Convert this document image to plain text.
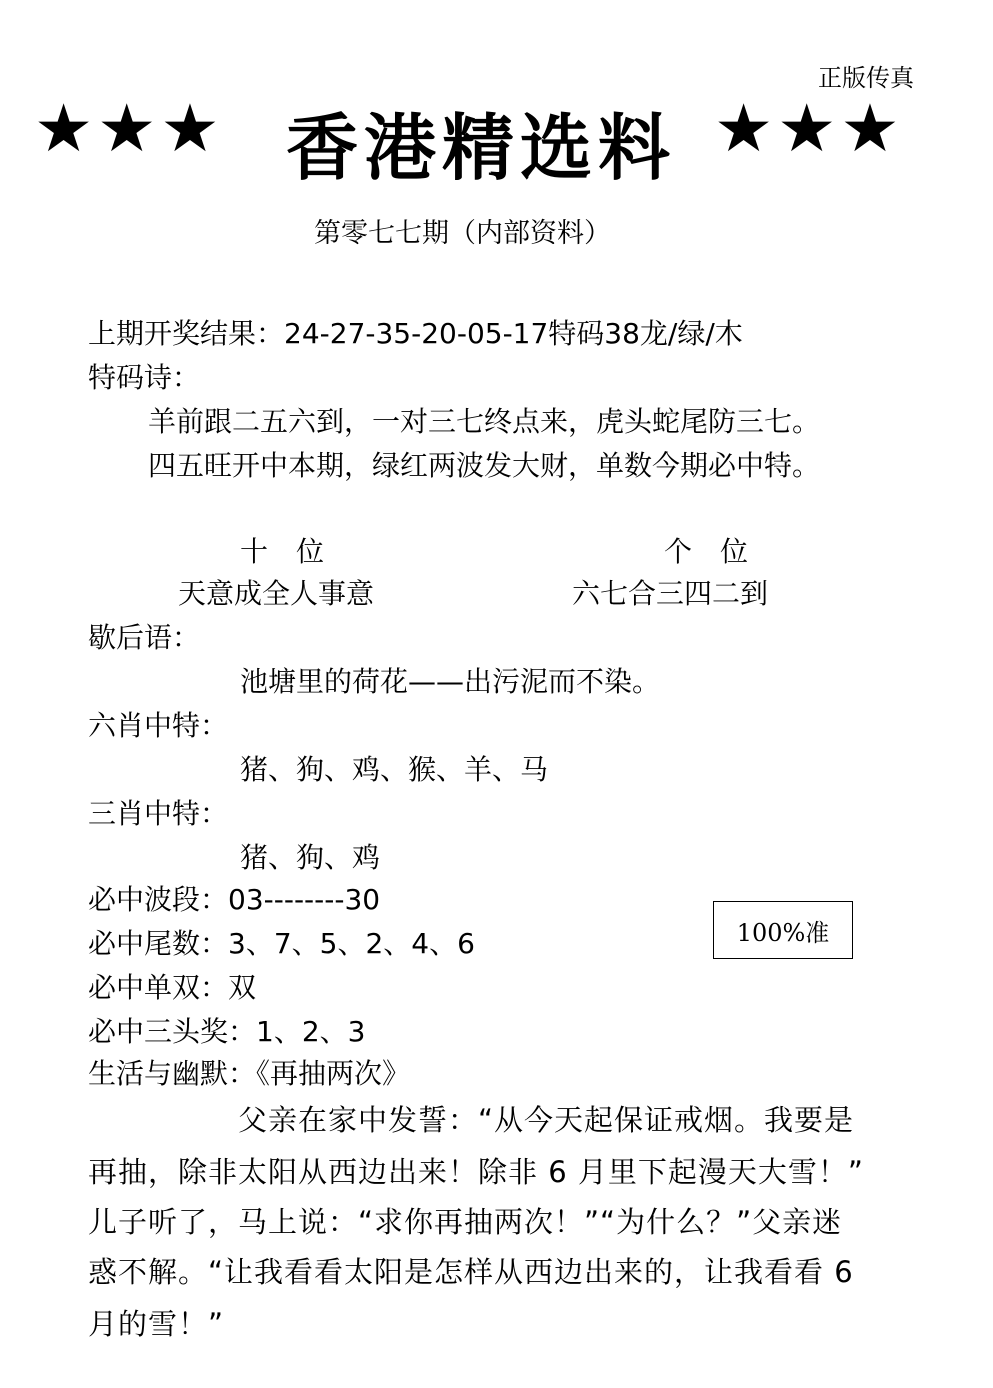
正版传真
★★★ 香港精选料 ★★★
第零七七期（内部资料）
上期开奖结果：24-27-35-20-05-17特码38龙/绿/木
特码诗：
羊前跟二五六到，一对三七终点来，虎头蛇尾防三七。
四五旺开中本期，绿红两波发大财，单数今期必中特。
十　位	个　位
天意成全人事意	六七合三四二到
歇后语：
池塘里的荷花——出污泥而不染。
六肖中特：
猪、狗、鸡、猴、羊、马
三肖中特：
猪、狗、鸡
必中波段：03--------30
必中尾数：3、7、5、2、4、6
必中单双：双
必中三头奖：1、2、3
100%准
生活与幽默：《再抽两次》
父亲在家中发誓：“从今天起保证戒烟。我要是
再抽，除非太阳从西边出来！除非 6 月里下起漫天大雪！”
儿子听了，马上说：“求你再抽两次！”“为什么？”父亲迷
惑不解。“让我看看太阳是怎样从西边出来的，让我看看 6
月的雪！”
